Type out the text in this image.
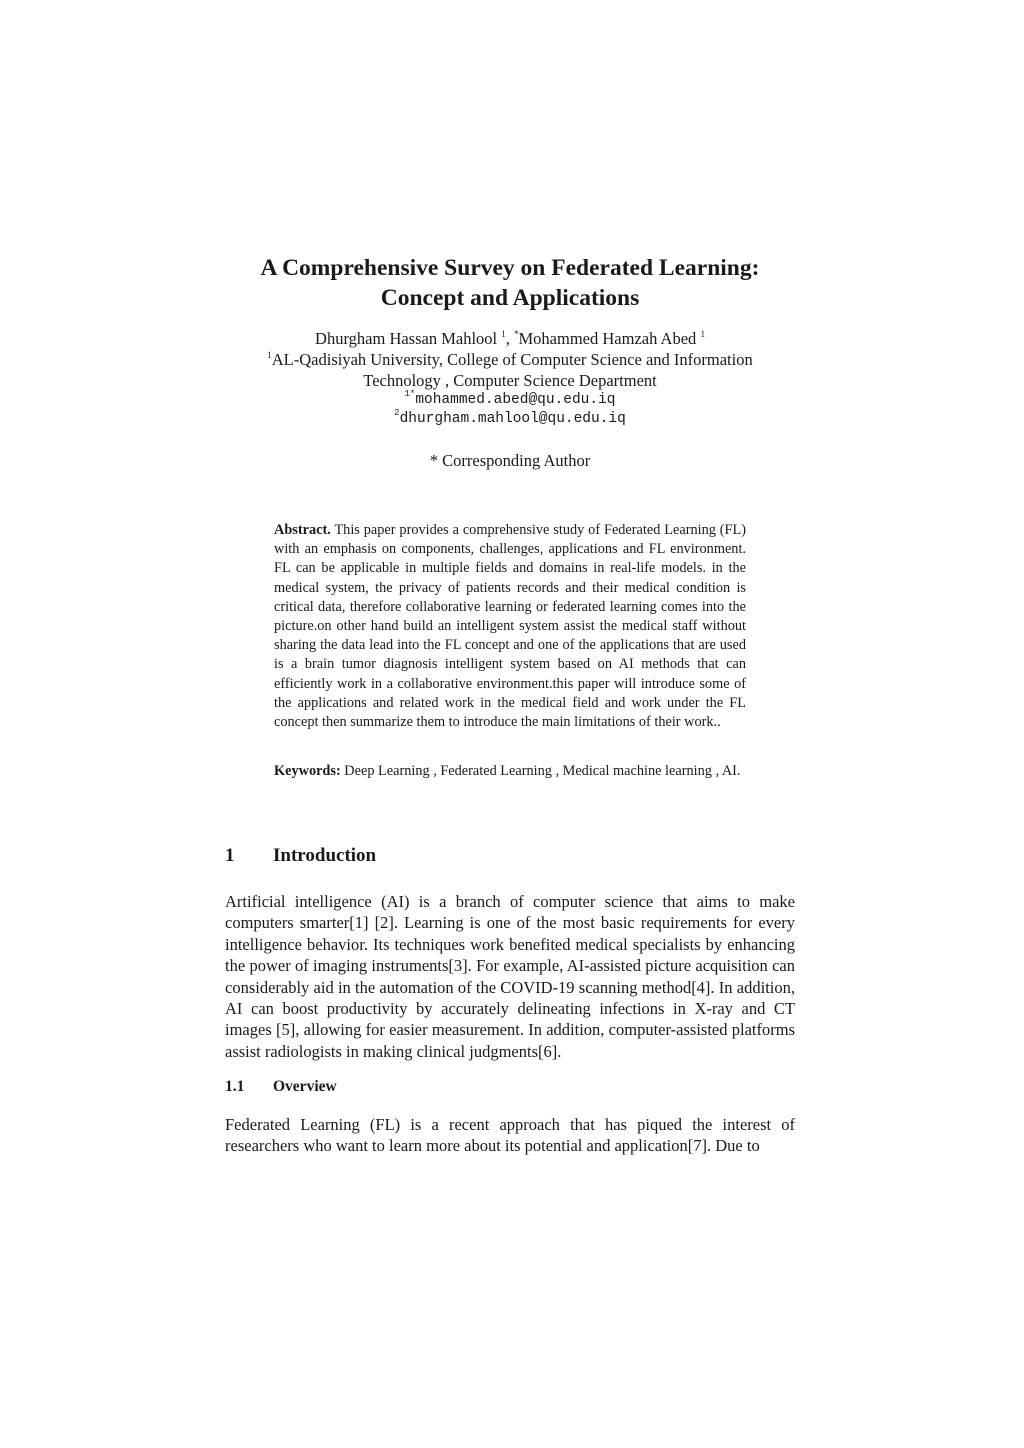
A Comprehensive Survey on Federated Learning:
Concept and Applications
Dhurgham Hassan Mahlool $^1$, *Mohammed Hamzah Abed $^1$
$^1$AL-Qadisiyah University, College of Computer Science and Information
Technology , Computer Science Department
$^{1*}$mohammed.abed@qu.edu.iq
$^2$dhurgham.mahlool@qu.edu.iq
* Corresponding Author

Abstract. This paper provides a comprehensive study of Federated Learning (FL) with an emphasis on components, challenges, applications and FL environment. FL can be applicable in multiple fields and domains in real-life models. in the medical system, the privacy of patients records and their medical condition is critical data, therefore collaborative learning or federated learning comes into the picture.on other hand build an intelligent system assist the medical staff without sharing the data lead into the FL concept and one of the applications that are used is a brain tumor diagnosis intelligent system based on AI methods that can efficiently work in a collaborative environment.this paper will introduce some of the applications and related work in the medical field and work under the FL concept then summarize them to introduce the main limitations of their work..

Keywords: Deep Learning , Federated Learning , Medical machine learning , AI.

1 Introduction

Artificial intelligence (AI) is a branch of computer science that aims to make computers smarter[1] [2]. Learning is one of the most basic requirements for every intelligence behavior. Its techniques work benefited medical specialists by enhancing the power of imaging instruments[3]. For example, AI-assisted picture acquisition can considerably aid in the automation of the COVID-19 scanning method[4]. In addition, AI can boost productivity by accurately delineating infections in X-ray and CT images [5], allowing for easier measurement. In addition, computer-assisted platforms assist radiologists in making clinical judgments[6].

1.1 Overview

Federated Learning (FL) is a recent approach that has piqued the interest of researchers who want to learn more about its potential and application[7]. Due to
